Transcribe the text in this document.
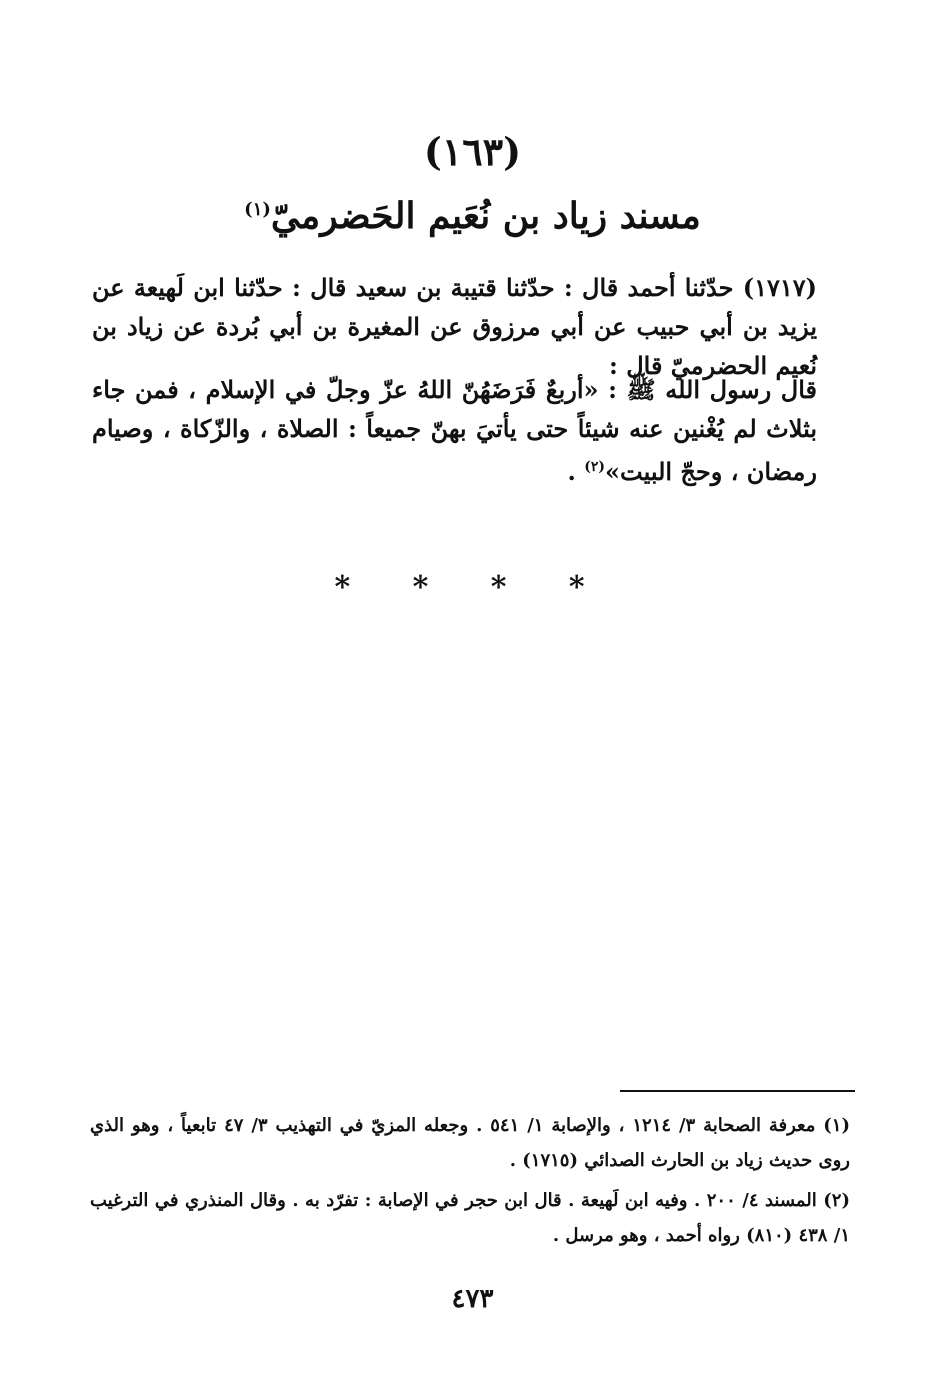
(١٦٣)
مسند زياد بن نُعَيم الحَضرميّ$^{(١)}$
(١٧١٧) حدّثنا أحمد قال : حدّثنا قتيبة بن سعيد قال : حدّثنا ابن لَهيعة عن يزيد بن أبي حبيب عن أبي مرزوق عن المغيرة بن أبي بُردة عن زياد بن نُعيم الحضرميّ قال :
قال رسول الله ﷺ : «أربعٌ فَرَضَهُنّ اللهُ عزّ وجلّ في الإسلام ، فمن جاء بثلاث لم يُغْنين عنه شيئاً حتى يأتيَ بهنّ جميعاً : الصلاة ، والزّكاة ، وصيام رمضان ، وحجّ البيت»$^{(٢)}$ .
* * * *
(١) معرفة الصحابة ٣/ ١٢١٤ ، والإصابة ١/ ٥٤١ . وجعله المزيّ في التهذيب ٣/ ٤٧ تابعياً ، وهو الذي روى حديث زياد بن الحارث الصدائي (١٧١٥) .
(٢) المسند ٤/ ٢٠٠ . وفيه ابن لَهيعة . قال ابن حجر في الإصابة : تفرّد به . وقال المنذري في الترغيب ١/ ٤٣٨ (٨١٠) رواه أحمد ، وهو مرسل .
٤٧٣
